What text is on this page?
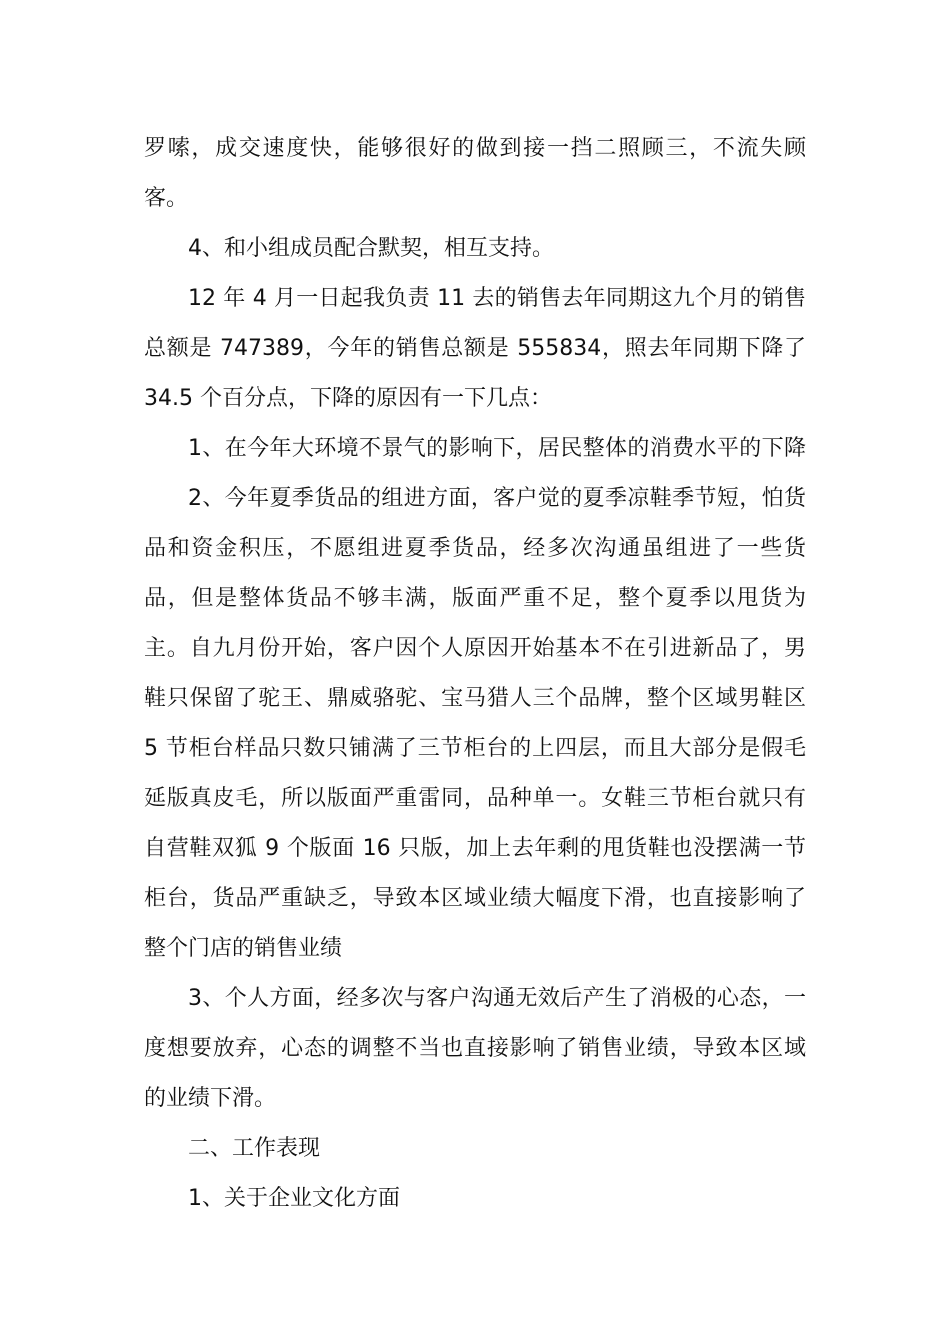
罗嗦，成交速度快，能够很好的做到接一挡二照顾三，不流失顾
客。
4、和小组成员配合默契，相互支持。
12 年 4 月一日起我负责 11 去的销售去年同期这九个月的销售
总额是 747389，今年的销售总额是 555834，照去年同期下降了
34.5 个百分点，下降的原因有一下几点：
1、在今年大环境不景气的影响下，居民整体的消费水平的下降
2、今年夏季货品的组进方面，客户觉的夏季凉鞋季节短，怕货
品和资金积压，不愿组进夏季货品，经多次沟通虽组进了一些货
品，但是整体货品不够丰满，版面严重不足，整个夏季以甩货为
主。自九月份开始，客户因个人原因开始基本不在引进新品了，男
鞋只保留了驼王、鼎威骆驼、宝马猎人三个品牌，整个区域男鞋区
5 节柜台样品只数只铺满了三节柜台的上四层，而且大部分是假毛
延版真皮毛，所以版面严重雷同，品种单一。女鞋三节柜台就只有
自营鞋双狐 9 个版面 16 只版，加上去年剩的甩货鞋也没摆满一节
柜台，货品严重缺乏，导致本区域业绩大幅度下滑，也直接影响了
整个门店的销售业绩
3、个人方面，经多次与客户沟通无效后产生了消极的心态，一
度想要放弃，心态的调整不当也直接影响了销售业绩，导致本区域
的业绩下滑。
二、工作表现
1、关于企业文化方面
